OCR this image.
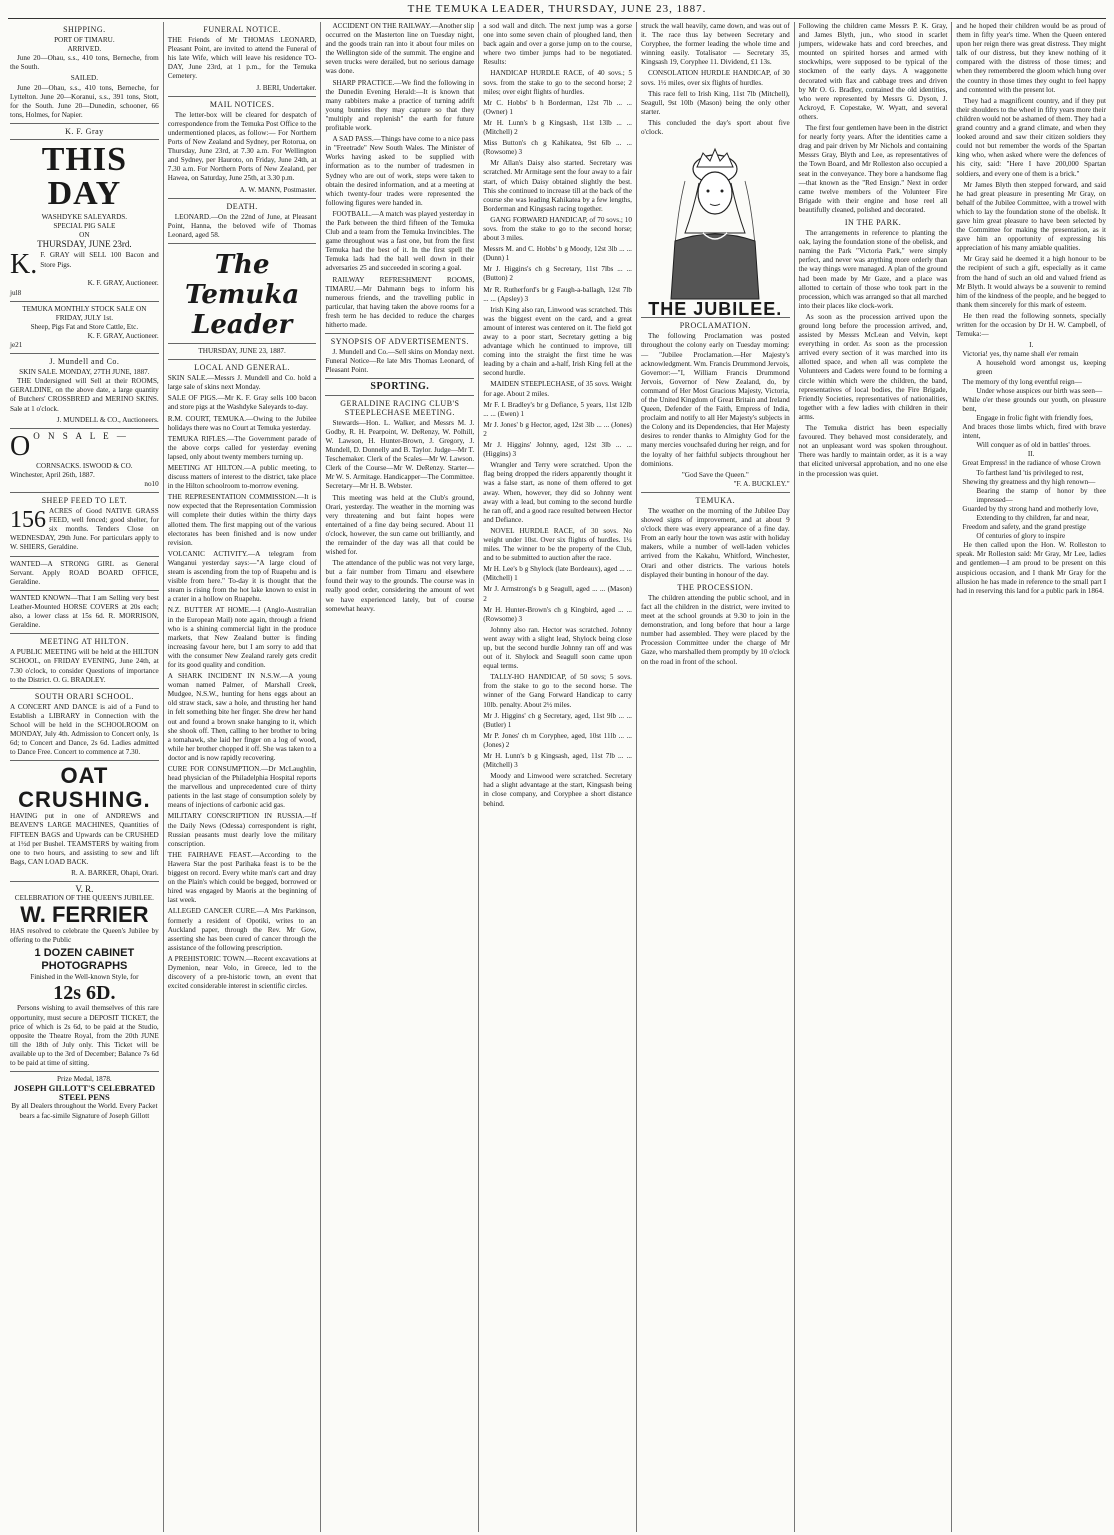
THE TEMUKA LEADER, THURSDAY, JUNE 23, 1887.
SHIPPING.
PORT OF TIMARU.
ARRIVED.

June 20—Ohau, s.s., 410 tons, Berneche, from the South.

SAILED.

June 20—Ohau, s.s., 410 tons, Berneche, for Lyttelton. June 20—Koranui, s.s., 391 tons, Stott, for the South. June 20—Dunedin, schooner, 66 tons, Holmes, for Napier.

K. F. Gray
THIS DAY
WASHDYKE SALEYARDS.
SPECIAL PIG SALE
ON
THURSDAY, JUNE 23rd.
K. F. GRAY will SELL 100 Bacon and Store Pigs.
K. F. GRAY, Auctioneer.
jul8
TEMUKA MONTHLY STOCK SALE ON FRIDAY, JULY 1st.
Sheep, Pigs Fat and Store Cattle, Etc.
K. F. GRAY, Auctioneer.
je21
J. Mundell and Co.
SKIN SALE. MONDAY, 27TH JUNE, 1887.

THE Undersigned will Sell at their ROOMS, GERALDINE, on the above date, a large quantity of Butchers' CROSSBRED and MERINO SKINS. Sale at 1 o'clock.

J. MUNDELL & CO., Auctioneers.
O O N S A L E —
CORNSACKS. ISWOOD & CO.
Winchester, April 26th, 1887.
no10
SHEEP FEED TO LET.
156 ACRES of Good NATIVE GRASS FEED, well fenced; good shelter, for six months. Tenders Close on WEDNESDAY, 29th June. For particulars apply to W. SHIERS, Geraldine.

WANTED—A STRONG GIRL as General Servant. Apply ROAD BOARD OFFICE, Geraldine.

WANTED KNOWN—That I am Selling very best Leather-Mounted HORSE COVERS at 20s each; also, a lower class at 15s 6d. R. MORRISON, Geraldine.

MEETING AT HILTON.

A PUBLIC MEETING will be held at the HILTON SCHOOL, on FRIDAY EVENING, June 24th, at 7.30 o'clock, to consider Questions of importance to the District. O. G. BRADLEY.

SOUTH ORARI SCHOOL.

A CONCERT AND DANCE is aid of a Fund to Establish a LIBRARY in Connection with the School will be held in the SCHOOLROOM on MONDAY, July 4th. Admission to Concert only, 1s 6d; to Concert and Dance, 2s 6d. Ladies admitted to Dance Free. Concert to commence at 7.30.

OAT CRUSHING.

HAVING put in one of ANDREWS and BEAVEN'S LARGE MACHINES, Quantities of FIFTEEN BAGS and Upwards can be CRUSHED at 1½d per Bushel. TEAMSTERS by waiting from one to two hours, and assisting to sew and lift Bags, CAN LOAD BACK.

R. A. BARKER, Ohapi, Orari.
V. R.
CELEBRATION OF THE QUEEN'S JUBILEE.
W. FERRIER

HAS resolved to celebrate the Queen's Jubilee by offering to the Public

1 DOZEN CABINET PHOTOGRAPHS
Finished in the Well-known Style, for
12s 6D.

Persons wishing to avail themselves of this rare opportunity, must secure a DEPOSIT TICKET, the price of which is 2s 6d, to be paid at the Studio, opposite the Theatre Royal, from the 20th JUNE till the 18th of July only. This Ticket will be available up to the 3rd of December; Balance 7s 6d to be paid at time of sitting.

Prize Medal, 1878.
JOSEPH GILLOTT'S CELEBRATED STEEL PENS
By all Dealers throughout the World. Every Packet bears a fac-simile Signature of Joseph Gillott
FUNERAL NOTICE.

THE Friends of Mr THOMAS LEONARD, Pleasant Point, are invited to attend the Funeral of his late Wife, which will leave his residence TO-DAY, June 23rd, at 1 p.m., for the Temuka Cemetery.

J. BERI, Undertaker.
MAIL NOTICES.

The letter-box will be cleared for despatch of correspondence from the Temuka Post Office to the undermentioned places, as follow:— For Northern Ports of New Zealand and Sydney, per Rotorua, on Thursday, June 23rd, at 7.30 a.m. For Wellington and Sydney, per Hauroto, on Friday, June 24th, at 7.30 a.m. For Northern Ports of New Zealand, per Hawea, on Saturday, June 25th, at 3.30 p.m.

A. W. MANN, Postmaster.
DEATH.

LEONARD.—On the 22nd of June, at Pleasant Point, Hanna, the beloved wife of Thomas Leonard, aged 58.

The Temuka Leader
THURSDAY, JUNE 23, 1887.
LOCAL AND GENERAL.

SKIN SALE.—Messrs J. Mundell and Co. hold a large sale of skins next Monday.

SALE OF PIGS.—Mr K. F. Gray sells 100 bacon and store pigs at the Washdyke Saleyards to-day.

R.M. COURT, TEMUKA.—Owing to the Jubilee holidays there was no Court at Temuka yesterday.

TEMUKA RIFLES.—The Government parade of the above corps called for yesterday evening lapsed, only about twenty members turning up.

MEETING AT HILTON.—A public meeting, to discuss matters of interest to the district, take place in the Hilton schoolroom to-morrow evening.

THE REPRESENTATION COMMISSION.—It is now expected that the Representation Commission will complete their duties within the thirty days allotted them. The first mapping out of the various electorates has been finished and is now under revision.

VOLCANIC ACTIVITY.—A telegram from Wanganui yesterday says:—"A large cloud of steam is ascending from the top of Ruapehu and is visible from here." To-day it is thought that the steam is rising from the hot lake known to exist in a crater in a hollow on Ruapehu.

N.Z. BUTTER AT HOME.—I (Anglo-Australian in the European Mail) note again, through a friend who is a shining commercial light in the produce markets, that New Zealand butter is finding increasing favour here, but I am sorry to add that with the consumer New Zealand rarely gets credit for its good quality and condition.

A SHARK INCIDENT IN N.S.W.—A young woman named Palmer, of Marshall Creek, Mudgee, N.S.W., hunting for hens eggs about an old straw stack, saw a hole, and thrusting her hand in felt something bite her finger. She drew her hand out and found a brown snake hanging to it, which she shook off. Then, calling to her brother to bring a tomahawk, she laid her finger on a log of wood, while her brother chopped it off. She was taken to a doctor and is now rapidly recovering.

CURE FOR CONSUMPTION.—Dr McLaughlin, head physician of the Philadelphia Hospital reports the marvellous and unprecedented cure of thirty patients in the last stage of consumption solely by means of injections of carbonic acid gas.

MILITARY CONSCRIPTION IN RUSSIA.—If the Daily News (Odessa) correspondent is right, Russian peasants must dearly love the military conscription.

THE FAIRHAVE FEAST.—According to the Hawera Star the post Parihaka feast is to be the biggest on record. Every white man's cart and dray on the Plain's which could be begged, borrowed or hired was engaged by Maoris at the beginning of last week.

ALLEGED CANCER CURE.—A Mrs Parkinson, formerly a resident of Opotiki, writes to an Auckland paper, through the Rev. Mr Gow, asserting she has been cured of cancer through the assistance of the following prescription.

A PREHISTORIC TOWN.—Recent excavations at Dymenion, near Volo, in Greece, led to the discovery of a pre-historic town, an event that excited considerable interest in scientific circles.

ACCIDENT ON THE RAILWAY.—Another slip occurred on the Masterton line on Tuesday night, and the goods train ran into it about four miles on the Wellington side of the summit. The engine and seven trucks were derailed, but no serious damage was done.

SHARP PRACTICE.—We find the following in the Dunedin Evening Herald:—It is known that many rabbiters make a practice of turning adrift young bunnies they may capture so that they "multiply and replenish" the earth for future profitable work.

A SAD PASS.—Things have come to a nice pass in "Freetrade" New South Wales. The Minister of Works having asked to be supplied with information as to the number of tradesmen in Sydney who are out of work, steps were taken to obtain the desired information, and at a meeting at which twenty-four trades were represented the following figures were handed in.

FOOTBALL.—A match was played yesterday in the Park between the third fifteen of the Temuka Club and a team from the Temuka Invincibles. The game throughout was a fast one, but from the first Temuka had the best of it. In the first spell the Temuka lads had the ball well down in their adversaries 25 and succeeded in scoring a goal.

RAILWAY REFRESHMENT ROOMS, TIMARU.—Mr Dahmann begs to inform his numerous friends, and the travelling public in particular, that having taken the above rooms for a fresh term he has decided to reduce the charges hitherto made.

SYNOPSIS OF ADVERTISEMENTS.

J. Mundell and Co.—Sell skins on Monday next. Funeral Notice—Re late Mrs Thomas Leonard, of Pleasant Point.

SPORTING.
GERALDINE RACING CLUB'S STEEPLECHASE MEETING.

Stewards—Hon. L. Walker, and Messrs M. J. Godby, R. H. Pearpoint, W. DeRenzy, W. Polhill, W. Lawson, H. Hunter-Brown, J. Gregory, J. Mundell, D. Donnelly and B. Taylor. Judge—Mr T. Teschemaker. Clerk of the Scales—Mr W. Lawson. Clerk of the Course—Mr W. DeRenzy. Starter—Mr W. S. Armitage. Handicapper—The Committee. Secretary—Mr H. B. Webster.

This meeting was held at the Club's ground, Orari, yesterday. The weather in the morning was very threatening and but faint hopes were entertained of a fine day being secured. About 11 o'clock, however, the sun came out brilliantly, and the remainder of the day was all that could be wished for.

The attendance of the public was not very large, but a fair number from Timaru and elsewhere found their way to the grounds. The course was in really good order, considering the amount of wet we have experienced lately, but of course somewhat heavy.

a sod wall and ditch. The next jump was a gorse one into some seven chain of ploughed land, then back again and over a gorse jump on to the course, where two timber jumps had to be negotiated. Results:

HANDICAP HURDLE RACE, of 40 sovs.; 5 sovs. from the stake to go to the second horse; 2 miles; over eight flights of hurdles.

Mr C. Hobbs' b h Borderman, 12st 7lb ... ... (Owner) 1

Mr H. Lunn's b g Kingsash, 11st 13lb ... ... (Mitchell) 2

Miss Button's ch g Kahikatea, 9st 6lb ... ... (Rowsome) 3

Mr Allan's Daisy also started. Secretary was scratched. Mr Armitage sent the four away to a fair start, of which Daisy obtained slightly the best. This she continued to increase till at the back of the course she was leading Kahikatea by a few lengths, Borderman and Kingsash racing together.

GANG FORWARD HANDICAP, of 70 sovs.; 10 sovs. from the stake to go to the second horse; about 3 miles.

Messrs M. and C. Hobbs' b g Moody, 12st 3lb ... ... (Dunn) 1

Mr J. Higgins's ch g Secretary, 11st 7lbs ... ... (Button) 2

Mr R. Rutherford's br g Faugh-a-ballagh, 12st 7lb ... ... (Apsley) 3

Irish King also ran, Linwood was scratched. This was the biggest event on the card, and a great amount of interest was centered on it. The field got away to a poor start, Secretary getting a big advantage which he continued to improve, till coming into the straight the first time he was leading by a chain and a-half, Irish King fell at the second hurdle.

MAIDEN STEEPLECHASE, of 35 sovs. Weight for age. About 2 miles.

Mr F. I. Bradley's br g Defiance, 5 years, 11st 12lb ... ... (Ewen) 1

Mr J. Jones' b g Hector, aged, 12st 3lb ... ... (Jones) 2

Mr J. Higgins' Johnny, aged, 12st 3lb ... ... (Higgins) 3

Wrangler and Terry were scratched. Upon the flag being dropped the riders apparently thought it was a false start, as none of them offered to get away. When, however, they did so Johnny went away with a lead, but coming to the second hurdle he ran off, and a good race resulted between Hector and Defiance.

NOVEL HURDLE RACE, of 30 sovs. No weight under 10st. Over six flights of hurdles. 1¼ miles. The winner to be the property of the Club, and to be submitted to auction after the race.

Mr H. Lee's b g Shylock (late Bordeaux), aged ... ... (Mitchell) 1

Mr J. Armstrong's b g Seagull, aged ... ... (Mason) 2

Mr H. Hunter-Brown's ch g Kingbird, aged ... ... (Rowsome) 3

Johnny also ran. Hector was scratched. Johnny went away with a slight lead, Shylock being close up, but the second hurdle Johnny ran off and was out of it. Shylock and Seagull soon came upon equal terms.

TALLY-HO HANDICAP, of 50 sovs; 5 sovs. from the stake to go to the second horse. The winner of the Gang Forward Handicap to carry 10lb. penalty. About 2½ miles.

Mr J. Higgins' ch g Secretary, aged, 11st 9lb ... ... (Butler) 1

Mr P. Jones' ch m Coryphee, aged, 10st 11lb ... ... (Jones) 2

Mr H. Lunn's b g Kingsash, aged, 11st 7lb ... ... (Mitchell) 3

Moody and Linwood were scratched. Secretary had a slight advantage at the start, Kingsash being in close company, and Coryphee a short distance behind.

struck the wall heavily, came down, and was out of it. The race thus lay between Secretary and Coryphee, the former leading the whole time and winning easily. Totalisator — Secretary 35, Kingsash 19, Coryphee 11. Dividend, £1 13s.

CONSOLATION HURDLE HANDICAP, of 30 sovs. 1½ miles, over six flights of hurdles.

This race fell to Irish King, 11st 7lb (Mitchell), Seagull, 9st 10lb (Mason) being the only other starter.

This concluded the day's sport about five o'clock.

THE JUBILEE.
PROCLAMATION.

The following Proclamation was posted throughout the colony early on Tuesday morning:— "Jubilee Proclamation.—Her Majesty's acknowledgment. Wm. Francis Drummond Jervois, Governor:—"I, William Francis Drummond Jervois, Governor of New Zealand, do, by command of Her Most Gracious Majesty, Victoria, of the United Kingdom of Great Britain and Ireland Queen, Defender of the Faith, Empress of India, proclaim and notify to all Her Majesty's subjects in the Colony and its Dependencies, that Her Majesty desires to render thanks to Almighty God for the many mercies vouchsafed during her reign, and for the loyalty of her faithful subjects throughout her dominions.

"God Save the Queen."
"F. A. BUCKLEY."
TEMUKA.

The weather on the morning of the Jubilee Day showed signs of improvement, and at about 9 o'clock there was every appearance of a fine day. From an early hour the town was astir with holiday makers, while a number of well-laden vehicles arrived from the Kakahu, Whitford, Winchester, Orari and other districts. The various hotels displayed their bunting in honour of the day.

THE PROCESSION.

The children attending the public school, and in fact all the children in the district, were invited to meet at the school grounds at 9.30 to join in the demonstration, and long before that hour a large number had assembled. They were placed by the Procession Committee under the charge of Mr Gaze, who marshalled them promptly by 10 o'clock on the road in front of the school.

Following the children came Messrs P. K. Gray, and James Blyth, jun., who stood in scarlet jumpers, widewake hats and cord breeches, and mounted on spirited horses and armed with stockwhips, were supposed to be typical of the stockmen of the early days. A waggonette decorated with flax and cabbage trees and driven by Mr O. G. Bradley, contained the old identities, who were represented by Messrs G. Dyson, J. Ackroyd, F. Copestake, W. Wyatt, and several others.

The first four gentlemen have been in the district for nearly forty years. After the identities came a drag and pair driven by Mr Nichols and containing Messrs Gray, Blyth and Lee, as representatives of the Town Board, and Mr Rolleston also occupied a seat in the conveyance. They bore a handsome flag—that known as the "Red Ensign." Next in order came twelve members of the Volunteer Fire Brigade with their engine and hose reel all beautifully cleaned, polished and decorated.

IN THE PARK.

The arrangements in reference to planting the oak, laying the foundation stone of the obelisk, and naming the Park "Victoria Park," were simply perfect, and never was anything more orderly than the way things were managed. A plan of the ground had been made by Mr Gaze, and a place was allotted to certain of those who took part in the procession, which was arranged so that all marched into their places like clock-work.

As soon as the procession arrived upon the ground long before the procession arrived, and, assisted by Messrs McLean and Velvin, kept everything in order. As soon as the procession arrived every section of it was marched into its allotted space, and when all was complete the Volunteers and Cadets were found to be forming a circle within which were the children, the band, representatives of local bodies, the Fire Brigade, Friendly Societies, representatives of nationalities, together with a few ladies with children in their arms.

The Temuka district has been especially favoured. They behaved most considerately, and not an unpleasant word was spoken throughout. There was hardly to maintain order, as it is a way that elicited universal approbation, and no one else in the procession was quiet.

and he hoped their children would be as proud of them in fifty year's time. When the Queen entered upon her reign there was great distress. They might talk of our distress, but they knew nothing of it compared with the distress of those times; and when they remembered the gloom which hung over the country in those times they ought to feel happy and contented with the present lot.

They had a magnificent country, and if they put their shoulders to the wheel in fifty years more their children would not be ashamed of them. They had a grand country and a grand climate, and when they looked around and saw their citizen soldiers they could not but remember the words of the Spartan king who, when asked where were the defences of his city, said: "Here I have 200,000 Spartan soldiers, and every one of them is a brick."

Mr James Blyth then stepped forward, and said he had great pleasure in presenting Mr Gray, on behalf of the Jubilee Committee, with a trowel with which to lay the foundation stone of the obelisk. It gave him great pleasure to have been selected by the Committee for making the presentation, as it gave him an opportunity of expressing his appreciation of his many amiable qualities.

Mr Gray said he deemed it a high honour to be the recipient of such a gift, especially as it came from the hand of such an old and valued friend as Mr Blyth. It would always be a souvenir to remind him of the kindness of the people, and he begged to thank them sincerely for this mark of esteem.

He then read the following sonnets, specially written for the occasion by Dr H. W. Campbell, of Temuka:—

I.
Victoria! yes, thy name shall e'er remain
A household word amongst us, keeping green
The memory of thy long eventful reign—
Under whose auspices our birth was seen—
While o'er these grounds our youth, on pleasure bent,
Engage in frolic fight with friendly foes,
And braces those limbs which, fired with brave intent,
Will conquer as of old in battles' throes.
II.
Great Empress! in the radiance of whose Crown
To farthest land 'tis privileged to rest,
Shewing thy greatness and thy high renown—
Bearing the stamp of honor by thee impressed—
Guarded by thy strong hand and motherly love,
Extending to thy children, far and near,
Freedom and safety, and the grand prestige
Of centuries of glory to inspire

He then called upon the Hon. W. Rolleston to speak. Mr Rolleston said: Mr Gray, Mr Lee, ladies and gentlemen—I am proud to be present on this auspicious occasion, and I thank Mr Gray for the allusion he has made in reference to the small part I had in reserving this land for a public park in 1864.
